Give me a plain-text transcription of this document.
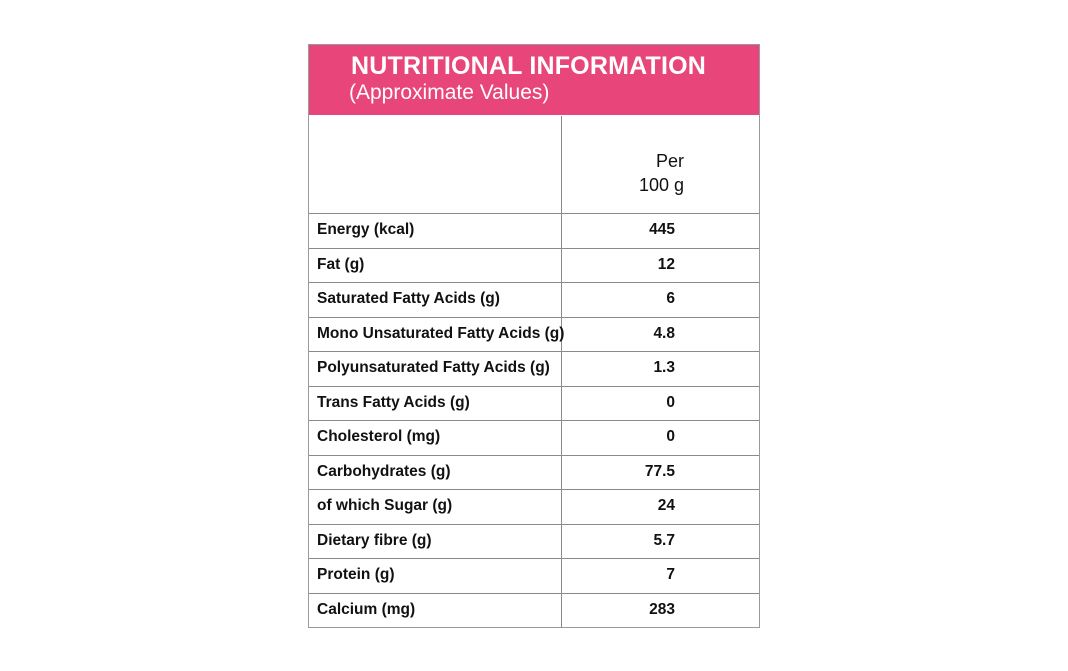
NUTRITIONAL INFORMATION
(Approximate Values)
Per
100 g
Energy (kcal)	445
Fat (g)	12
Saturated Fatty Acids (g)	6
Mono Unsaturated Fatty Acids (g)	4.8
Polyunsaturated Fatty Acids (g)	1.3
Trans Fatty Acids (g)	0
Cholesterol (mg)	0
Carbohydrates (g)	77.5
of which Sugar (g)	24
Dietary fibre (g)	5.7
Protein (g)	7
Calcium (mg)	283
